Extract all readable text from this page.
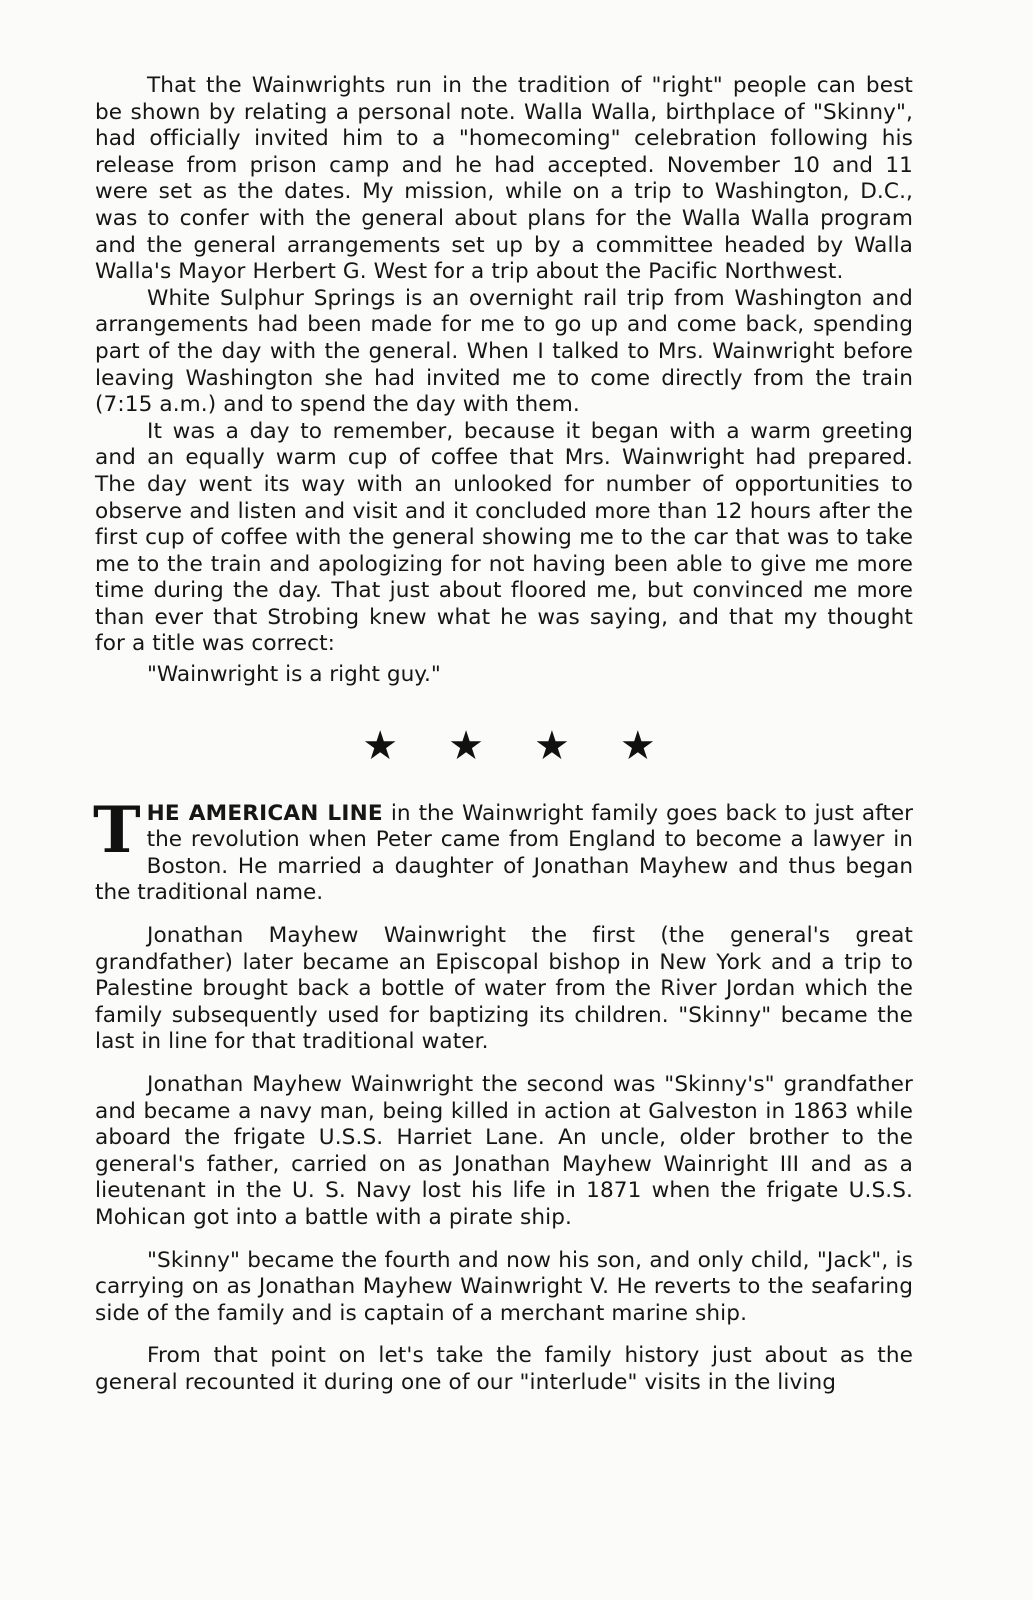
That the Wainwrights run in the tradition of "right" people can best be shown by relating a personal note. Walla Walla, birthplace of "Skinny", had officially invited him to a "homecoming" celebration following his release from prison camp and he had accepted. November 10 and 11 were set as the dates. My mission, while on a trip to Washington, D.C., was to confer with the general about plans for the Walla Walla program and the general arrangements set up by a committee headed by Walla Walla's Mayor Herbert G. West for a trip about the Pacific Northwest.

White Sulphur Springs is an overnight rail trip from Washington and arrangements had been made for me to go up and come back, spending part of the day with the general. When I talked to Mrs. Wainwright before leaving Washington she had invited me to come directly from the train (7:15 a.m.) and to spend the day with them.

It was a day to remember, because it began with a warm greeting and an equally warm cup of coffee that Mrs. Wainwright had prepared. The day went its way with an unlooked for number of opportunities to observe and listen and visit and it concluded more than 12 hours after the first cup of coffee with the general showing me to the car that was to take me to the train and apologizing for not having been able to give me more time during the day. That just about floored me, but convinced me more than ever that Strobing knew what he was saying, and that my thought for a title was correct:

"Wainwright is a right guy."

★ ★ ★ ★

THE AMERICAN LINE in the Wainwright family goes back to just after the revolution when Peter came from England to become a lawyer in Boston. He married a daughter of Jonathan Mayhew and thus began the traditional name.

Jonathan Mayhew Wainwright the first (the general's great grandfather) later became an Episcopal bishop in New York and a trip to Palestine brought back a bottle of water from the River Jordan which the family subsequently used for baptizing its children. "Skinny" became the last in line for that traditional water.

Jonathan Mayhew Wainwright the second was "Skinny's" grandfather and became a navy man, being killed in action at Galveston in 1863 while aboard the frigate U.S.S. Harriet Lane. An uncle, older brother to the general's father, carried on as Jonathan Mayhew Wainright III and as a lieutenant in the U. S. Navy lost his life in 1871 when the frigate U.S.S. Mohican got into a battle with a pirate ship.

"Skinny" became the fourth and now his son, and only child, "Jack", is carrying on as Jonathan Mayhew Wainwright V. He reverts to the seafaring side of the family and is captain of a merchant marine ship.

From that point on let's take the family history just about as the general recounted it during one of our "interlude" visits in the living
